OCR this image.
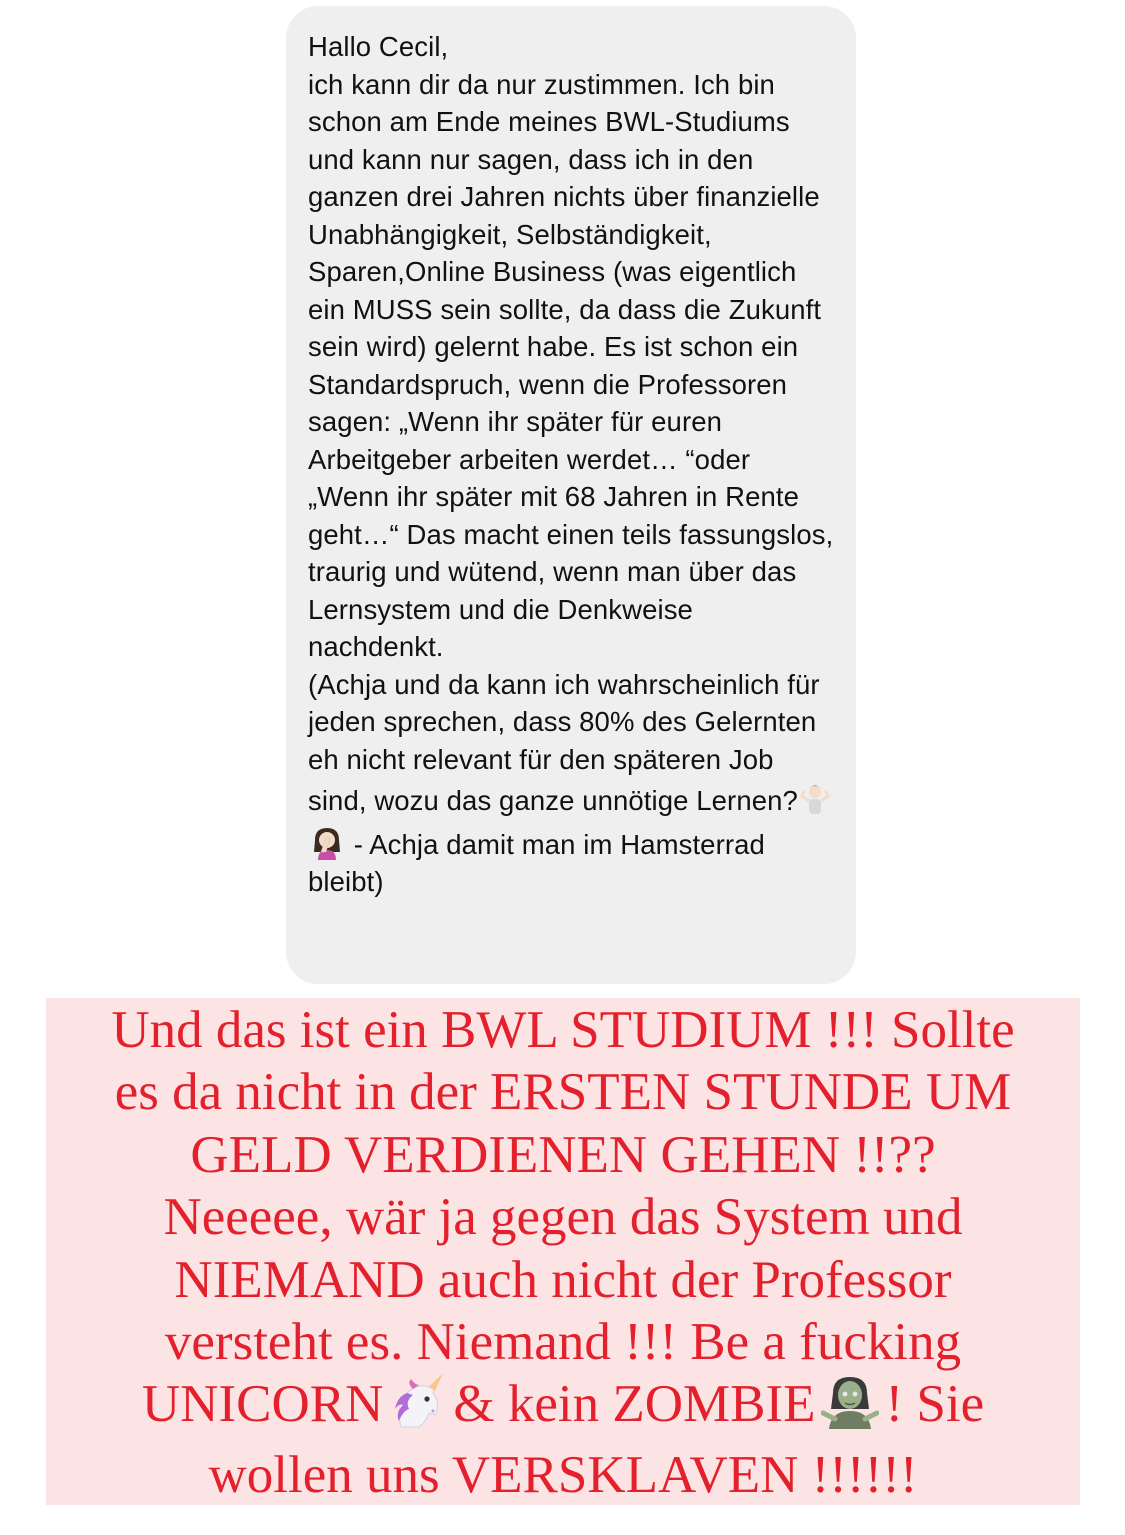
Hallo Cecil,

ich kann dir da nur zustimmen. Ich bin schon am Ende meines BWL-Studiums und kann nur sagen, dass ich in den ganzen drei Jahren nichts über finanzielle Unabhängigkeit, Selbständigkeit, Sparen,Online Business (was eigentlich ein MUSS sein sollte, da dass die Zukunft sein wird) gelernt habe. Es ist schon ein Standardspruch, wenn die Professoren sagen: „Wenn ihr später für euren Arbeitgeber arbeiten werdet… “oder „Wenn ihr später mit 68 Jahren in Rente geht…“ Das macht einen teils fassungslos, traurig und wütend, wenn man über das Lernsystem und die Denkweise nachdenkt.

(Achja und da kann ich wahrscheinlich für jeden sprechen, dass 80% des Gelernten eh nicht relevant für den späteren Job sind, wozu das ganze unnötige Lernen? - Achja damit man im Hamsterrad bleibt)

Und das ist ein BWL STUDIUM !!! Sollte
es da nicht in der ERSTEN STUNDE UM
GELD VERDIENEN GEHEN !!??
Neeeee, wär ja gegen das System und
NIEMAND auch nicht der Professor
versteht es. Niemand !!! Be a fucking
UNICORN & kein ZOMBIE ! Sie
wollen uns VERSKLAVEN !!!!!!
